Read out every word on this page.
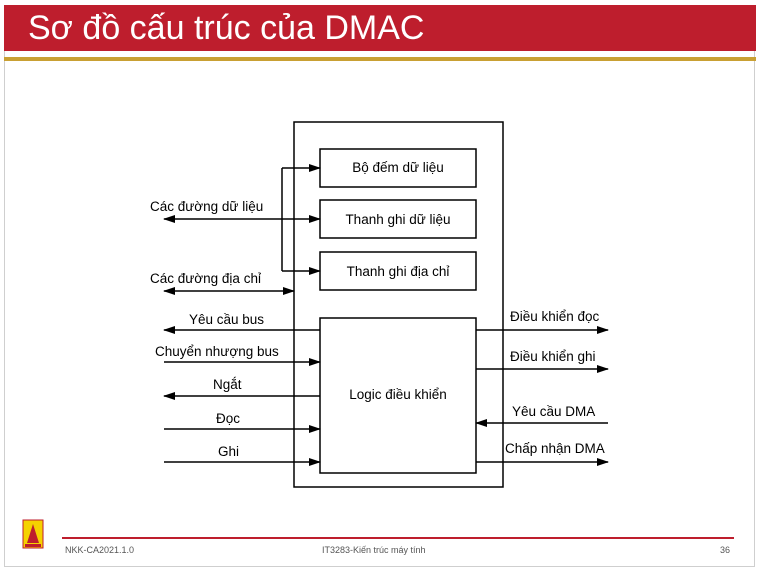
Sơ đồ cấu trúc của DMAC
Bộ đếm dữ liệu
Thanh ghi dữ liệu
Thanh ghi địa chỉ
Logic điều khiển
Các đường dữ liệu
Các đường địa chỉ
Yêu cầu bus
Chuyển nhượng bus
Ngắt
Đọc
Ghi
Điều khiển đọc
Điều khiển ghi
Yêu cầu DMA
Chấp nhận DMA
NKK-CA2021.1.0	IT3283-Kiến trúc máy tính	36
